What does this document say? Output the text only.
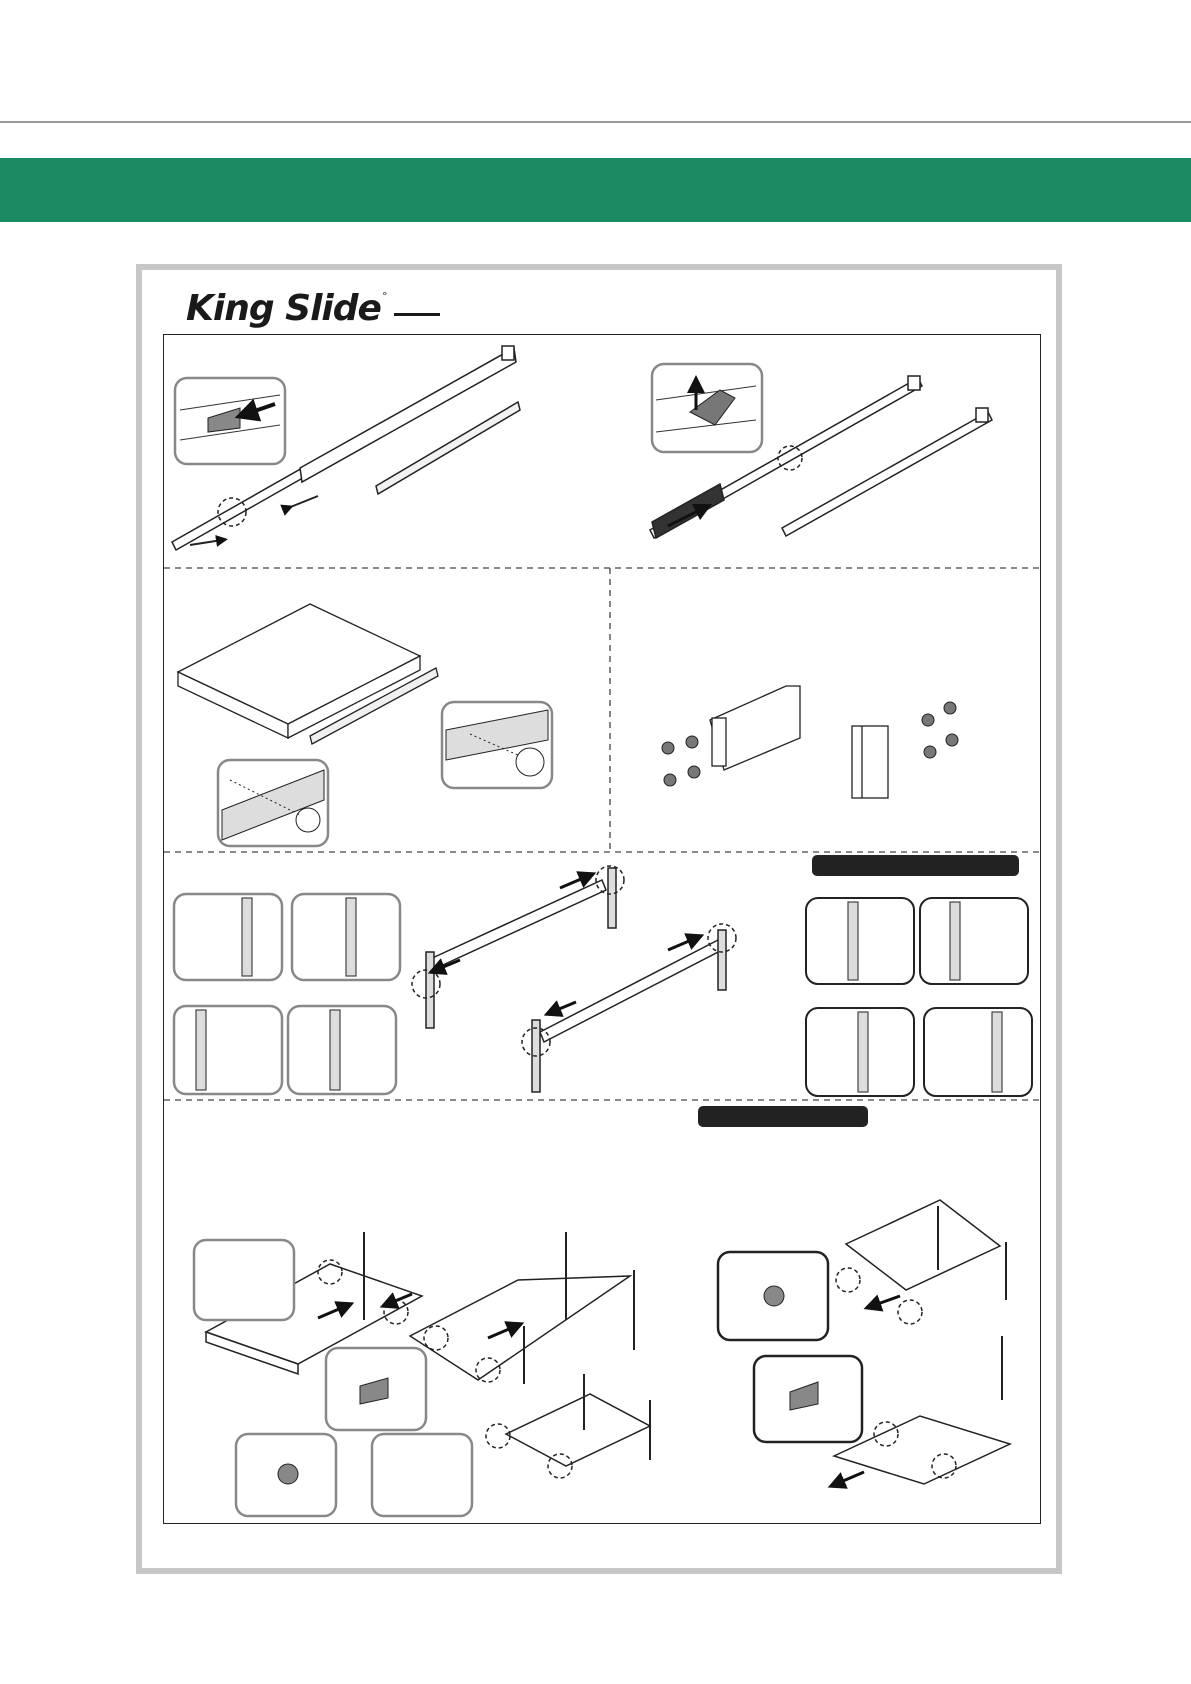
King Slide °
